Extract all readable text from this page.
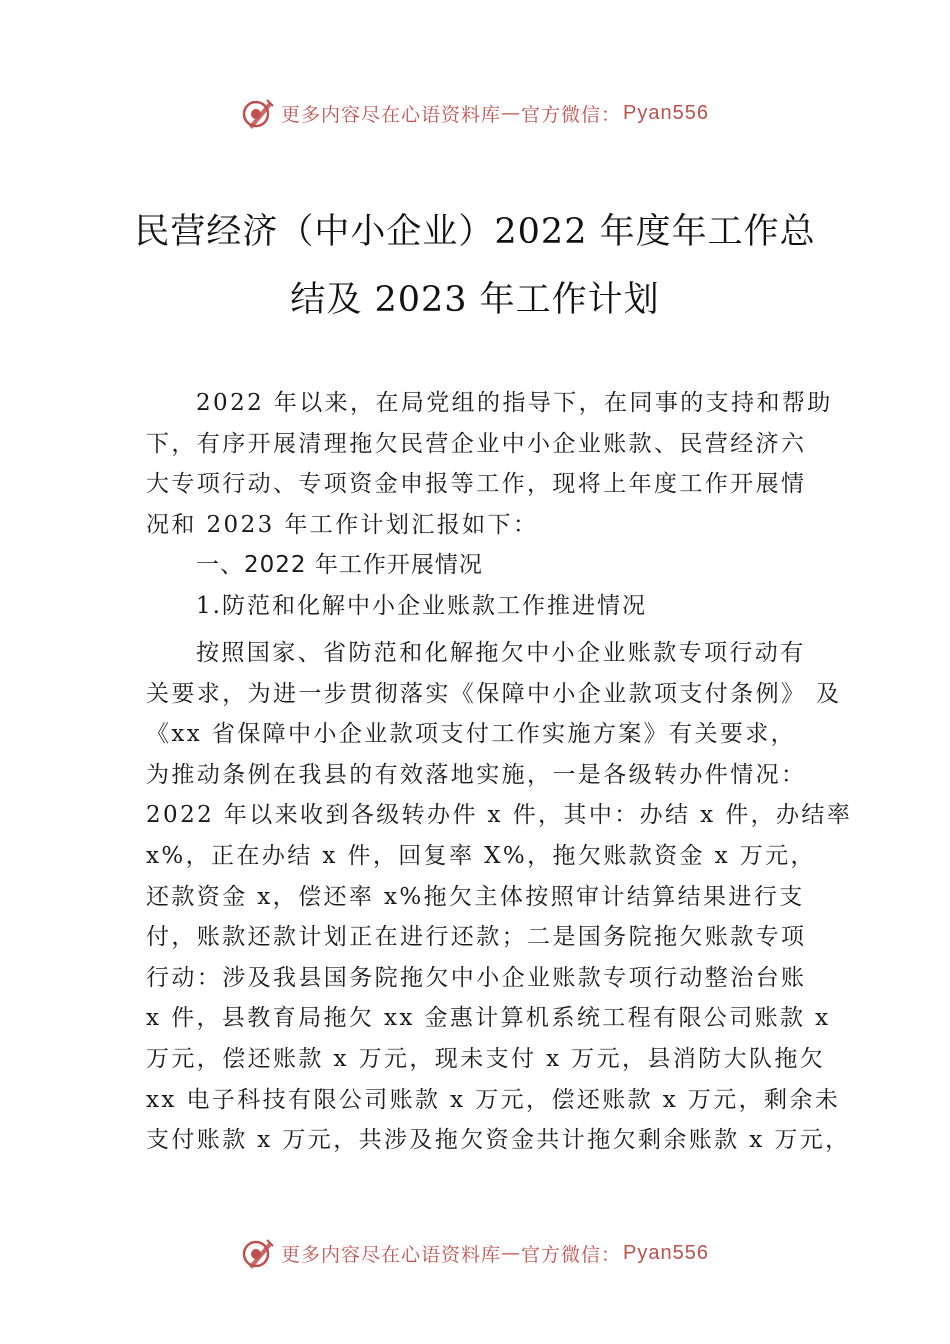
更多内容尽在心语资料库 — 官方微信： Pyan556
民营经济（中小企业）2022 年度年工作总
结及 2023 年工作计划
2022 年以来，在局党组的指导下，在同事的支持和帮助
下，有序开展清理拖欠民营企业中小企业账款、民营经济六
大专项行动、专项资金申报等工作，现将上年度工作开展情
况和 2023 年工作计划汇报如下：
一、2022 年工作开展情况
1.防范和化解中小企业账款工作推进情况
按照国家、省防范和化解拖欠中小企业账款专项行动有
关要求，为进一步贯彻落实《保障中小企业款项支付条例》 及
《xx 省保障中小企业款项支付工作实施方案》有关要求，
为推动条例在我县的有效落地实施，一是各级转办件情况：
2022 年以来收到各级转办件 x 件，其中：办结 x 件，办结率
x%，正在办结 x 件，回复率 X%，拖欠账款资金 x 万元，
还款资金 x，偿还率 x%拖欠主体按照审计结算结果进行支
付，账款还款计划正在进行还款；二是国务院拖欠账款专项
行动：涉及我县国务院拖欠中小企业账款专项行动整治台账
x 件，县教育局拖欠 xx 金惠计算机系统工程有限公司账款 x
万元，偿还账款 x 万元，现未支付 x 万元，县消防大队拖欠
xx 电子科技有限公司账款 x 万元，偿还账款 x 万元，剩余未
支付账款 x 万元，共涉及拖欠资金共计拖欠剩余账款 x 万元，
更多内容尽在心语资料库 — 官方微信： Pyan556
